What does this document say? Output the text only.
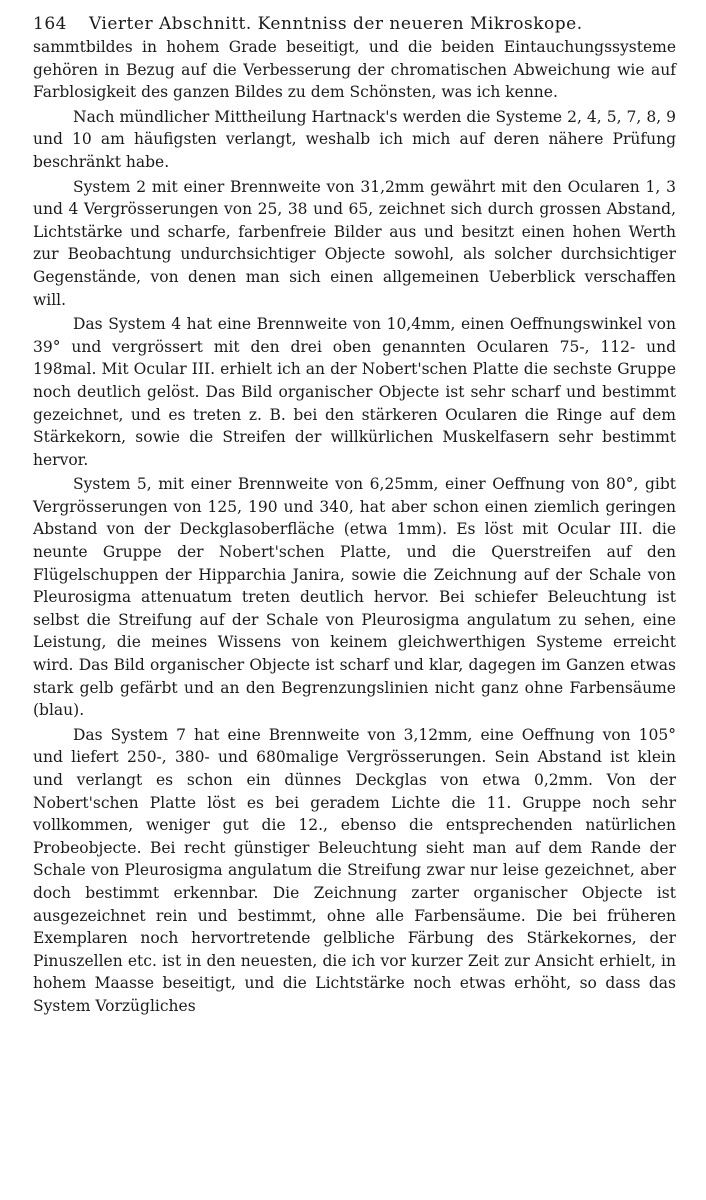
164 Vierter Abschnitt. Kenntniss der neueren Mikroskope.

sammtbildes in hohem Grade beseitigt, und die beiden Eintauchungssysteme gehören in Bezug auf die Verbesserung der chromatischen Abweichung wie auf Farblosigkeit des ganzen Bildes zu dem Schönsten, was ich kenne.

Nach mündlicher Mittheilung Hartnack's werden die Systeme 2, 4, 5, 7, 8, 9 und 10 am häufigsten verlangt, weshalb ich mich auf deren nähere Prüfung beschränkt habe.

System 2 mit einer Brennweite von 31,2mm gewährt mit den Ocularen 1, 3 und 4 Vergrösserungen von 25, 38 und 65, zeichnet sich durch grossen Abstand, Lichtstärke und scharfe, farbenfreie Bilder aus und besitzt einen hohen Werth zur Beobachtung undurchsichtiger Objecte sowohl, als solcher durchsichtiger Gegenstände, von denen man sich einen allgemeinen Ueberblick verschaffen will.

Das System 4 hat eine Brennweite von 10,4mm, einen Oeffnungswinkel von 39° und vergrössert mit den drei oben genannten Ocularen 75-, 112- und 198mal. Mit Ocular III. erhielt ich an der Nobert'schen Platte die sechste Gruppe noch deutlich gelöst. Das Bild organischer Objecte ist sehr scharf und bestimmt gezeichnet, und es treten z. B. bei den stärkeren Ocularen die Ringe auf dem Stärkekorn, sowie die Streifen der willkürlichen Muskelfasern sehr bestimmt hervor.

System 5, mit einer Brennweite von 6,25mm, einer Oeffnung von 80°, gibt Vergrösserungen von 125, 190 und 340, hat aber schon einen ziemlich geringen Abstand von der Deckglasoberfläche (etwa 1mm). Es löst mit Ocular III. die neunte Gruppe der Nobert'schen Platte, und die Querstreifen auf den Flügelschuppen der Hipparchia Janira, sowie die Zeichnung auf der Schale von Pleurosigma attenuatum treten deutlich hervor. Bei schiefer Beleuchtung ist selbst die Streifung auf der Schale von Pleurosigma angulatum zu sehen, eine Leistung, die meines Wissens von keinem gleichwerthigen Systeme erreicht wird. Das Bild organischer Objecte ist scharf und klar, dagegen im Ganzen etwas stark gelb gefärbt und an den Begrenzungslinien nicht ganz ohne Farbensäume (blau).

Das System 7 hat eine Brennweite von 3,12mm, eine Oeffnung von 105° und liefert 250-, 380- und 680malige Vergrösserungen. Sein Abstand ist klein und verlangt es schon ein dünnes Deckglas von etwa 0,2mm. Von der Nobert'schen Platte löst es bei geradem Lichte die 11. Gruppe noch sehr vollkommen, weniger gut die 12., ebenso die entsprechenden natürlichen Probeobjecte. Bei recht günstiger Beleuchtung sieht man auf dem Rande der Schale von Pleurosigma angulatum die Streifung zwar nur leise gezeichnet, aber doch bestimmt erkennbar. Die Zeichnung zarter organischer Objecte ist ausgezeichnet rein und bestimmt, ohne alle Farbensäume. Die bei früheren Exemplaren noch hervortretende gelbliche Färbung des Stärkekornes, der Pinuszellen etc. ist in den neuesten, die ich vor kurzer Zeit zur Ansicht erhielt, in hohem Maasse beseitigt, und die Lichtstärke noch etwas erhöht, so dass das System Vorzügliches
